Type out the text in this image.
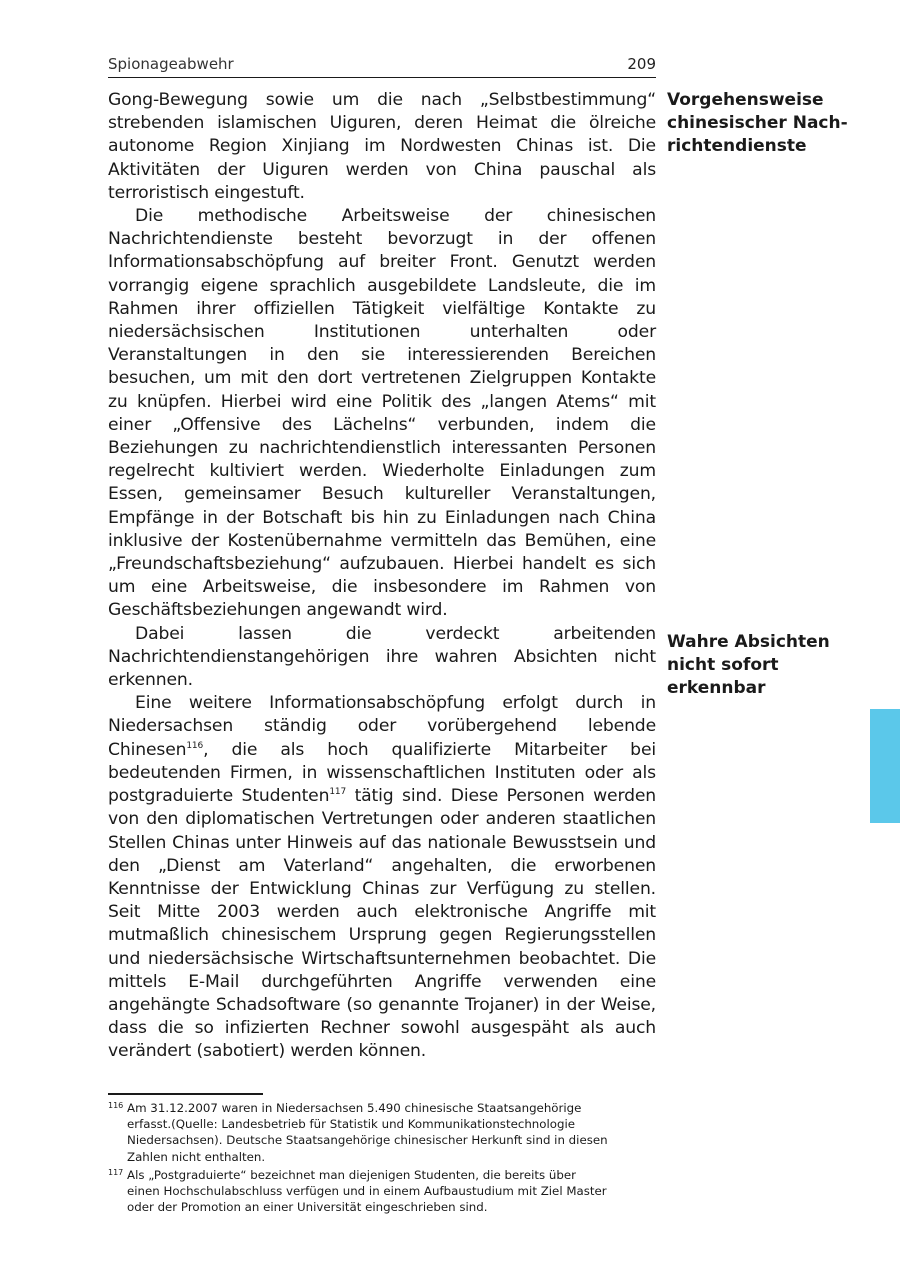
Spionageabwehr	209

Gong-Bewegung sowie um die nach „Selbstbestimmung“ strebenden islamischen Uiguren, deren Heimat die ölreiche autonome Region Xinjiang im Nordwesten Chinas ist. Die Aktivitäten der Uiguren werden von China pauschal als terroristisch eingestuft.

Die methodische Arbeitsweise der chinesischen Nachrichtendienste besteht bevorzugt in der offenen Informationsabschöpfung auf breiter Front. Genutzt werden vorrangig eigene sprachlich ausgebildete Landsleute, die im Rahmen ihrer offiziellen Tätigkeit vielfältige Kontakte zu niedersächsischen Institutionen unterhalten oder Veranstaltungen in den sie interessierenden Bereichen besuchen, um mit den dort vertretenen Zielgruppen Kontakte zu knüpfen. Hierbei wird eine Politik des „langen Atems“ mit einer „Offensive des Lächelns“ verbunden, indem die Beziehungen zu nachrichtendienstlich interessanten Personen regelrecht kultiviert werden. Wiederholte Einladungen zum Essen, gemeinsamer Besuch kultureller Veranstaltungen, Empfänge in der Botschaft bis hin zu Einladungen nach China inklusive der Kostenübernahme vermitteln das Bemühen, eine „Freundschaftsbeziehung“ aufzubauen. Hierbei handelt es sich um eine Arbeitsweise, die insbesondere im Rahmen von Geschäftsbeziehungen angewandt wird.

Dabei lassen die verdeckt arbeitenden Nachrichtendienstangehörigen ihre wahren Absichten nicht erkennen.

Eine weitere Informationsabschöpfung erfolgt durch in Niedersachsen ständig oder vorübergehend lebende Chinesen$^{116}$, die als hoch qualifizierte Mitarbeiter bei bedeutenden Firmen, in wissenschaftlichen Instituten oder als postgraduierte Studenten$^{117}$ tätig sind. Diese Personen werden von den diplomatischen Vertretungen oder anderen staatlichen Stellen Chinas unter Hinweis auf das nationale Bewusstsein und den „Dienst am Vaterland“ angehalten, die erworbenen Kenntnisse der Entwicklung Chinas zur Verfügung zu stellen. Seit Mitte 2003 werden auch elektronische Angriffe mit mutmaßlich chinesischem Ursprung gegen Regierungsstellen und niedersächsische Wirtschaftsunternehmen beobachtet. Die mittels E-Mail durchgeführten Angriffe verwenden eine angehängte Schadsoftware (so genannte Trojaner) in der Weise, dass die so infizierten Rechner sowohl ausgespäht als auch verändert (sabotiert) werden können.

Vorgehensweise
chinesischer Nach-
richtendienste
Wahre Absichten
nicht sofort
erkennbar
116 Am 31.12.2007 waren in Niedersachsen 5.490 chinesische Staatsangehörige
erfasst.(Quelle: Landesbetrieb für Statistik und Kommunikationstechnologie
Niedersachsen). Deutsche Staatsangehörige chinesischer Herkunft sind in diesen
Zahlen nicht enthalten.
117 Als „Postgraduierte“ bezeichnet man diejenigen Studenten, die bereits über
einen Hochschulabschluss verfügen und in einem Aufbaustudium mit Ziel Master
oder der Promotion an einer Universität eingeschrieben sind.
